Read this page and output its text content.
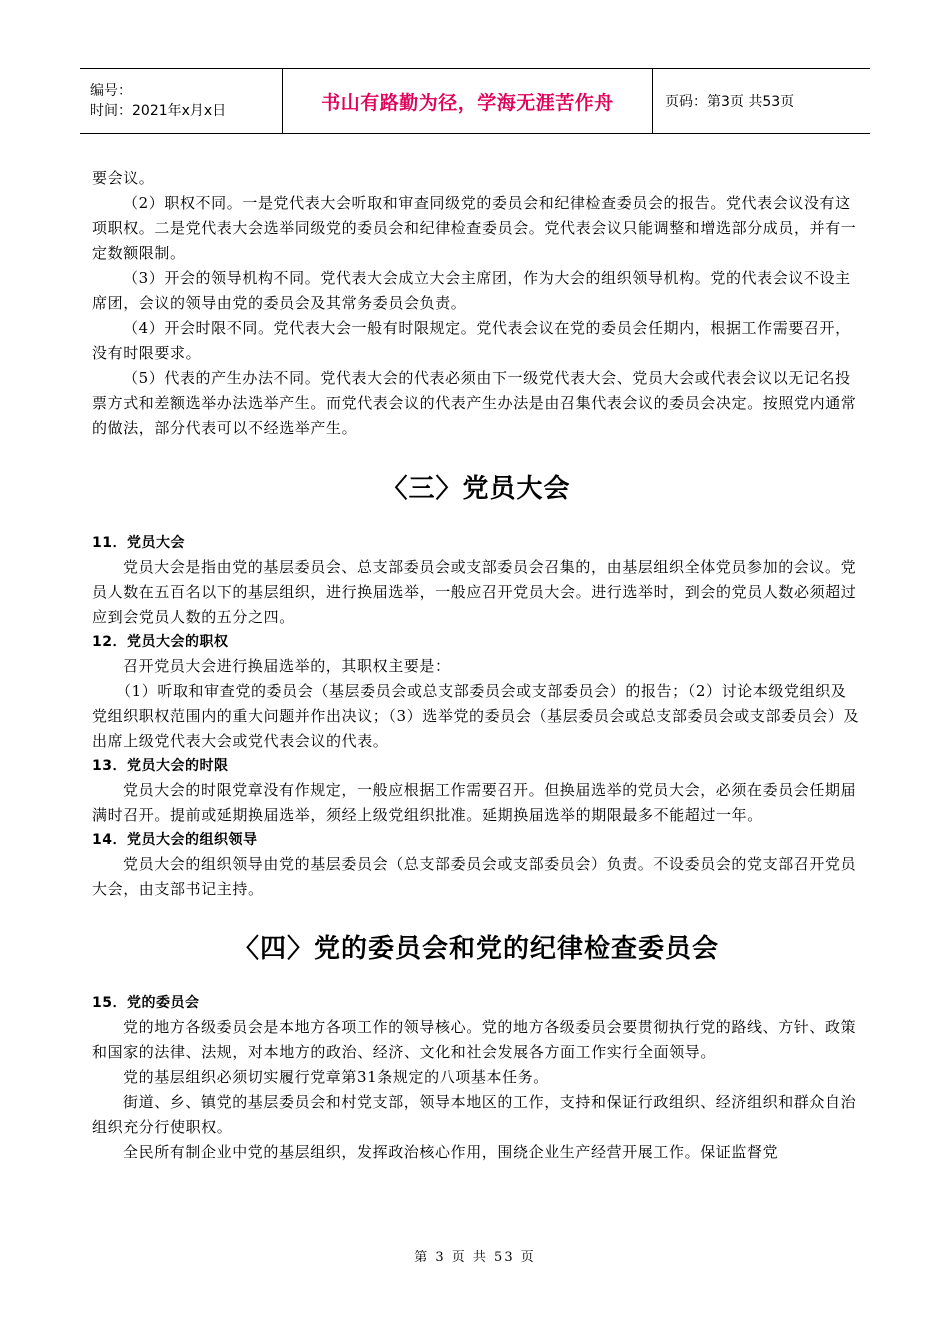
编号：
时间：2021年x月x日	书山有路勤为径，学海无涯苦作舟	页码：第3页 共53页

要会议。

（2）职权不同。一是党代表大会听取和审查同级党的委员会和纪律检查委员会的报告。党代表会议没有这项职权。二是党代表大会选举同级党的委员会和纪律检查委员会。党代表会议只能调整和增选部分成员，并有一定数额限制。

（3）开会的领导机构不同。党代表大会成立大会主席团，作为大会的组织领导机构。党的代表会议不设主席团，会议的领导由党的委员会及其常务委员会负责。

（4）开会时限不同。党代表大会一般有时限规定。党代表会议在党的委员会任期内，根据工作需要召开，没有时限要求。

（5）代表的产生办法不同。党代表大会的代表必须由下一级党代表大会、党员大会或代表会议以无记名投票方式和差额选举办法选举产生。而党代表会议的代表产生办法是由召集代表会议的委员会决定。按照党内通常的做法，部分代表可以不经选举产生。

〈三〉党员大会
11．党员大会

党员大会是指由党的基层委员会、总支部委员会或支部委员会召集的，由基层组织全体党员参加的会议。党员人数在五百名以下的基层组织，进行换届选举，一般应召开党员大会。进行选举时，到会的党员人数必须超过应到会党员人数的五分之四。

12．党员大会的职权

召开党员大会进行换届选举的，其职权主要是：

（1）听取和审查党的委员会（基层委员会或总支部委员会或支部委员会）的报告；（2）讨论本级党组织及党组织职权范围内的重大问题并作出决议；（3）选举党的委员会（基层委员会或总支部委员会或支部委员会）及出席上级党代表大会或党代表会议的代表。

13．党员大会的时限

党员大会的时限党章没有作规定，一般应根据工作需要召开。但换届选举的党员大会，必须在委员会任期届满时召开。提前或延期换届选举，须经上级党组织批准。延期换届选举的期限最多不能超过一年。

14．党员大会的组织领导

党员大会的组织领导由党的基层委员会（总支部委员会或支部委员会）负责。不设委员会的党支部召开党员大会，由支部书记主持。

〈四〉党的委员会和党的纪律检查委员会
15．党的委员会

党的地方各级委员会是本地方各项工作的领导核心。党的地方各级委员会要贯彻执行党的路线、方针、政策和国家的法律、法规，对本地方的政治、经济、文化和社会发展各方面工作实行全面领导。

党的基层组织必须切实履行党章第31条规定的八项基本任务。

街道、乡、镇党的基层委员会和村党支部，领导本地区的工作，支持和保证行政组织、经济组织和群众自治组织充分行使职权。

全民所有制企业中党的基层组织，发挥政治核心作用，围绕企业生产经营开展工作。保证监督党

第 3 页 共 53 页
